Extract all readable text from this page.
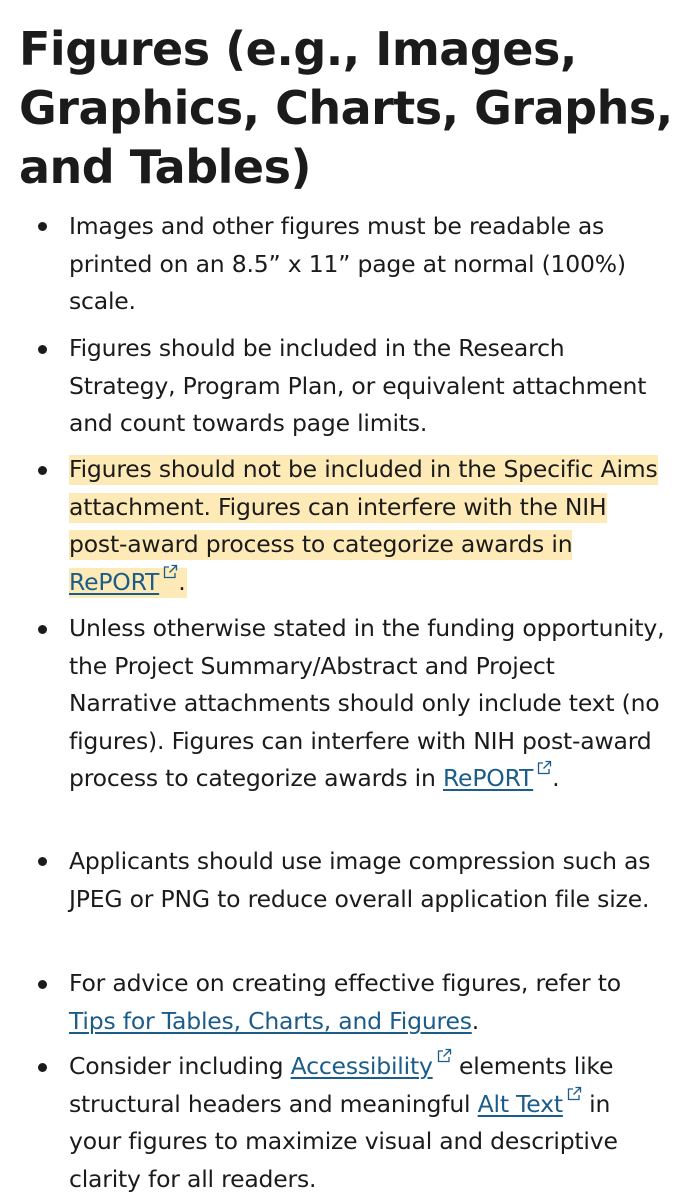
Figures (e.g., Images, Graphics, Charts, Graphs, and Tables)

Images and other figures must be readable as printed on an 8.5” x 11” page at normal (100%) scale.

Figures should be included in the Research Strategy, Program Plan, or equivalent attachment and count towards page limits.

Figures should not be included in the Specific Aims attachment. Figures can interfere with the NIH post-award process to categorize awards in RePORT .

Unless otherwise stated in the funding opportunity, the Project Summary/Abstract and Project Narrative attachments should only include text (no figures). Figures can interfere with NIH post-award process to categorize awards in RePORT .

Applicants should use image compression such as JPEG or PNG to reduce overall application file size.

For advice on creating effective figures, refer to Tips for Tables, Charts, and Figures.

Consider including Accessibility
elements like structural headers and meaningful Alt Text
in your figures to maximize visual and descriptive clarity for all readers.
